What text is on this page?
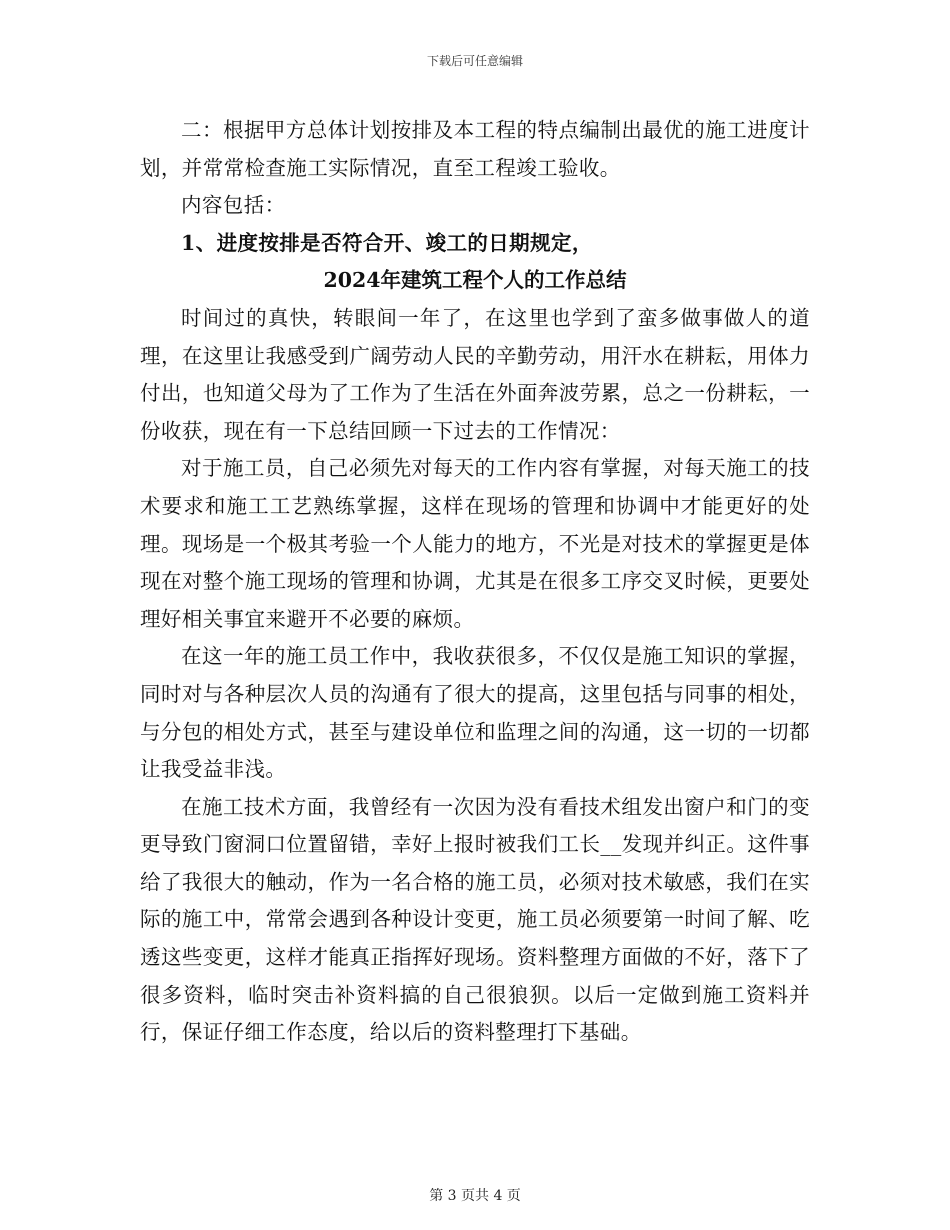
下载后可任意编辑

二：根据甲方总体计划按排及本工程的特点编制出最优的施工进度计划，并常常检查施工实际情况，直至工程竣工验收。

内容包括：

1、进度按排是否符合开、竣工的日期规定，

2024年建筑工程个人的工作总结

时间过的真快，转眼间一年了，在这里也学到了蛮多做事做人的道理，在这里让我感受到广阔劳动人民的辛勤劳动，用汗水在耕耘，用体力付出，也知道父母为了工作为了生活在外面奔波劳累，总之一份耕耘，一份收获，现在有一下总结回顾一下过去的工作情况：

对于施工员，自己必须先对每天的工作内容有掌握，对每天施工的技术要求和施工工艺熟练掌握，这样在现场的管理和协调中才能更好的处理。现场是一个极其考验一个人能力的地方，不光是对技术的掌握更是体现在对整个施工现场的管理和协调，尤其是在很多工序交叉时候，更要处理好相关事宜来避开不必要的麻烦。

在这一年的施工员工作中，我收获很多，不仅仅是施工知识的掌握，同时对与各种层次人员的沟通有了很大的提高，这里包括与同事的相处，与分包的相处方式，甚至与建设单位和监理之间的沟通，这一切的一切都让我受益非浅。

在施工技术方面，我曾经有一次因为没有看技术组发出窗户和门的变更导致门窗洞口位置留错，幸好上报时被我们工长__发现并纠正。这件事给了我很大的触动，作为一名合格的施工员，必须对技术敏感，我们在实际的施工中，常常会遇到各种设计变更，施工员必须要第一时间了解、吃透这些变更，这样才能真正指挥好现场。资料整理方面做的不好，落下了很多资料，临时突击补资料搞的自己很狼狈。以后一定做到施工资料并行，保证仔细工作态度，给以后的资料整理打下基础。

第 3 页共 4 页
